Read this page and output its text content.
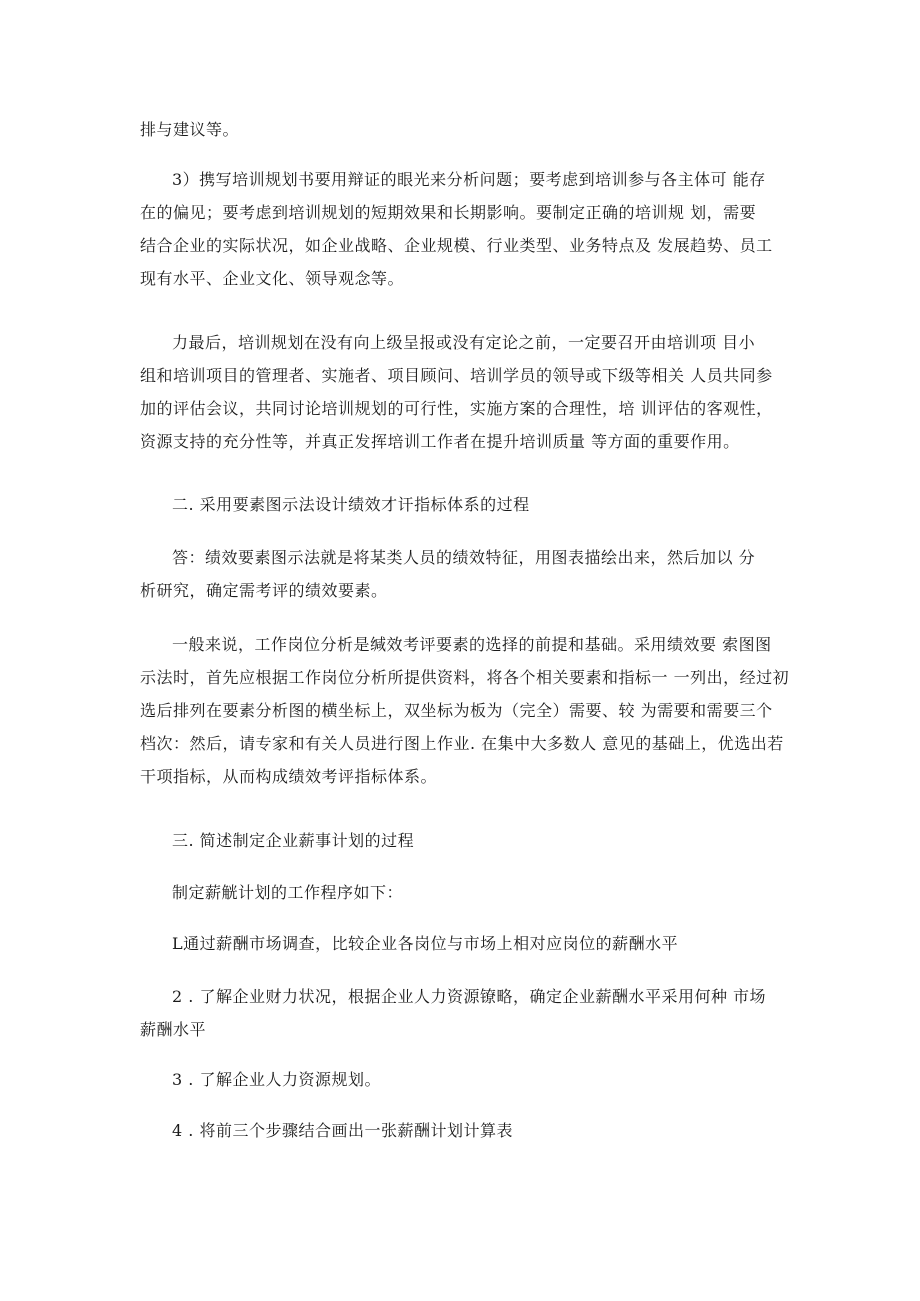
排与建议等。
3）携写培训规划书要用辩证的眼光来分析问题；要考虑到培训参与各主体可 能存
在的偏见；要考虑到培训规划的短期效果和长期影响。要制定正确的培训规 划，需要
结合企业的实际状况，如企业战略、企业规模、行业类型、业务特点及 发展趋势、员工
现有水平、企业文化、领导观念等。
力最后，培训规划在没有向上级呈报或没有定论之前，一定要召开由培训项 目小
组和培训项目的管理者、实施者、项目顾问、培训学员的领导或下级等相关 人员共同参
加的评估会议，共同讨论培训规划的可行性，实施方案的合理性，培 训评估的客观性，
资源支持的充分性等，并真正发挥培训工作者在提升培训质量 等方面的重要作用。
二. 采用要素图示法设计绩效才讦指标体系的过程
答：绩效要素图示法就是将某类人员的绩效特征，用图表描绘出来，然后加以 分
析研究，确定需考评的绩效要素。
一般来说，工作岗位分析是缄效考评要素的选择的前提和基础。采用绩效要 索图图
示法时，首先应根据工作岗位分析所提供资料，将各个相关要素和指标一 一列出，经过初
选后排列在要素分析图的横坐标上，双坐标为板为（完全）需要、较 为需要和需要三个
档次：然后，请专家和有关人员进行图上作业. 在集中大多数人 意见的基础上，优选出若
干项指标，从而构成绩效考评指标体系。
三. 简述制定企业薪事计划的过程
制定薪觥计划的工作程序如下：
L通过薪酬市场调查，比较企业各岗位与市场上相对应岗位的薪酬水平
2 . 了解企业财力状况，根据企业人力资源镣略，确定企业薪酬水平采用何种 市场
薪酬水平
3 . 了解企业人力资源规划。
4 . 将前三个步骤结合画出一张薪酬计划计算表
